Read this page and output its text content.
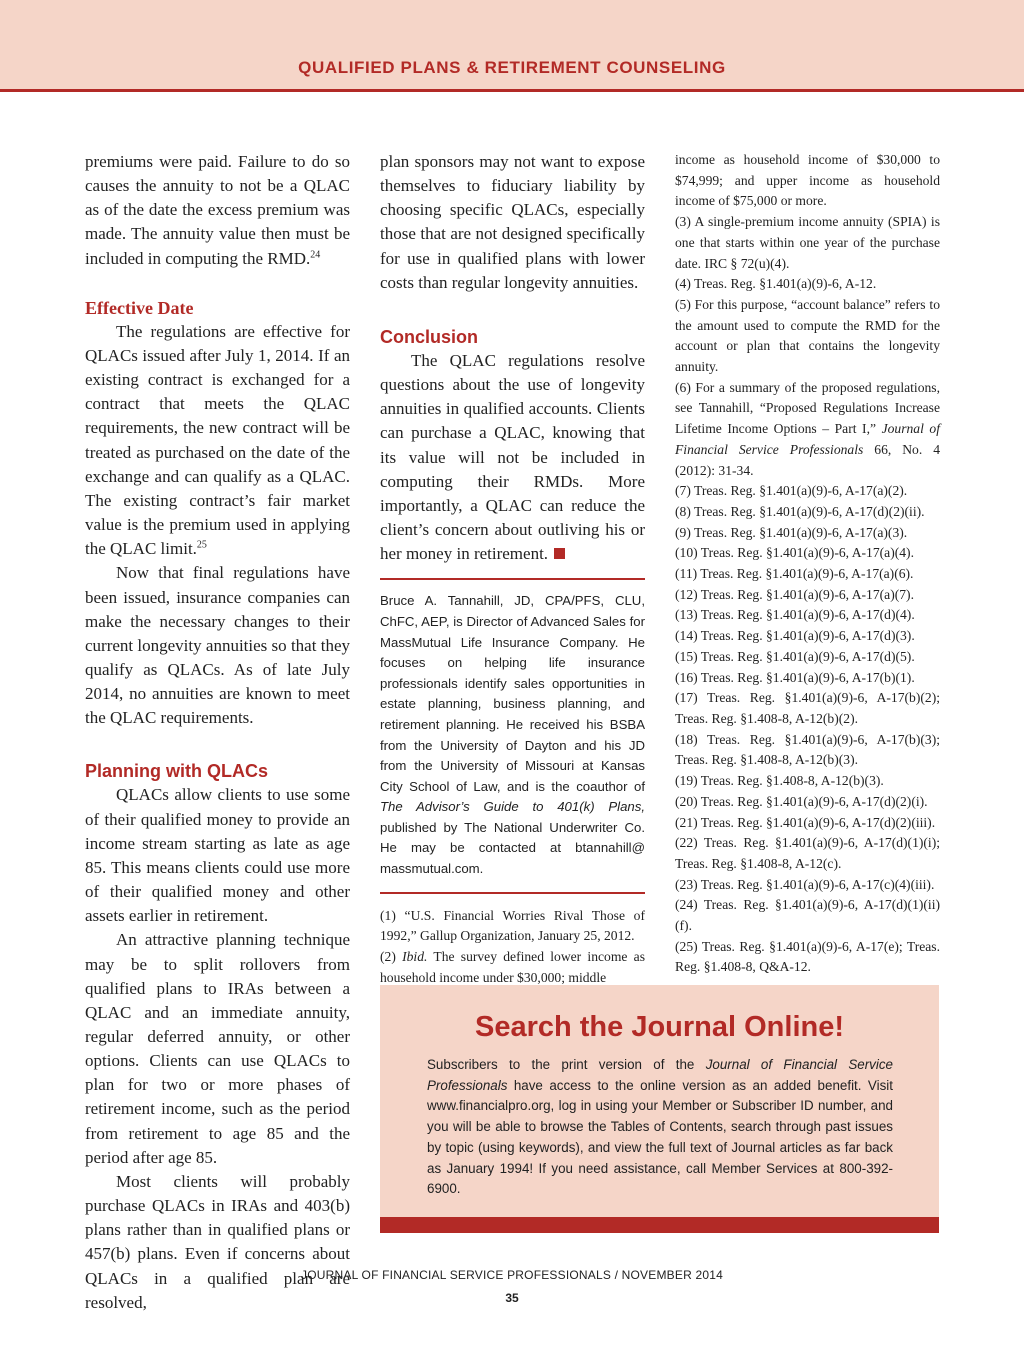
QUALIFIED PLANS & RETIREMENT COUNSELING

premiums were paid. Failure to do so causes the annuity to not be a QLAC as of the date the excess premium was made. The annuity value then must be included in computing the RMD.$^{24}$

Effective Date

The regulations are effective for QLACs issued after July 1, 2014. If an existing contract is exchanged for a contract that meets the QLAC requirements, the new contract will be treated as purchased on the date of the exchange and can qualify as a QLAC. The existing contract’s fair market value is the premium used in applying the QLAC limit.$^{25}$

Now that final regulations have been issued, insurance companies can make the necessary changes to their current longevity annuities so that they qualify as QLACs. As of late July 2014, no annuities are known to meet the QLAC requirements.

Planning with QLACs

QLACs allow clients to use some of their qualified money to provide an income stream starting as late as age 85. This means clients could use more of their qualified money and other assets earlier in retirement.

An attractive planning technique may be to split rollovers from qualified plans to IRAs between a QLAC and an immediate annuity, regular deferred annuity, or other options. Clients can use QLACs to plan for two or more phases of retirement income, such as the period from retirement to age 85 and the period after age 85.

Most clients will probably purchase QLACs in IRAs and 403(b) plans rather than in qualified plans or 457(b) plans. Even if concerns about QLACs in a qualified plan are resolved,

plan sponsors may not want to expose themselves to fiduciary liability by choosing specific QLACs, especially those that are not designed specifically for use in qualified plans with lower costs than regular longevity annuities.

Conclusion

The QLAC regulations resolve questions about the use of longevity annuities in qualified accounts. Clients can purchase a QLAC, knowing that its value will not be included in computing their RMDs. More importantly, a QLAC can reduce the client’s concern about outliving his or her money in retirement.

Bruce A. Tannahill, JD, CPA/PFS, CLU, ChFC, AEP, is Director of Advanced Sales for MassMutual Life Insurance Company. He focuses on helping life insurance professionals identify sales opportunities in estate planning, business planning, and retirement planning. He received his BSBA from the University of Dayton and his JD from the University of Missouri at Kansas City School of Law, and is the coauthor of The Advisor’s Guide to 401(k) Plans, published by The National Underwriter Co. He may be contacted at btannahill@ massmutual.com.

(1) “U.S. Financial Worries Rival Those of 1992,” Gallup Organization, January 25, 2012.

(2) Ibid. The survey defined lower income as household income under $30,000; middle

income as household income of $30,000 to $74,999; and upper income as household income of $75,000 or more.

(3) A single-premium income annuity (SPIA) is one that starts within one year of the purchase date. IRC § 72(u)(4).

(4) Treas. Reg. §1.401(a)(9)-6, A-12.

(5) For this purpose, “account balance” refers to the amount used to compute the RMD for the account or plan that contains the longevity annuity.

(6) For a summary of the proposed regulations, see Tannahill, “Proposed Regulations Increase Lifetime Income Options – Part I,” Journal of Financial Service Professionals 66, No. 4 (2012): 31-34.

(7) Treas. Reg. §1.401(a)(9)-6, A-17(a)(2).

(8) Treas. Reg. §1.401(a)(9)-6, A-17(d)(2)(ii).

(9) Treas. Reg. §1.401(a)(9)-6, A-17(a)(3).

(10) Treas. Reg. §1.401(a)(9)-6, A-17(a)(4).

(11) Treas. Reg. §1.401(a)(9)-6, A-17(a)(6).

(12) Treas. Reg. §1.401(a)(9)-6, A-17(a)(7).

(13) Treas. Reg. §1.401(a)(9)-6, A-17(d)(4).

(14) Treas. Reg. §1.401(a)(9)-6, A-17(d)(3).

(15) Treas. Reg. §1.401(a)(9)-6, A-17(d)(5).

(16) Treas. Reg. §1.401(a)(9)-6, A-17(b)(1).

(17) Treas. Reg. §1.401(a)(9)-6, A-17(b)(2); Treas. Reg. §1.408-8, A-12(b)(2).

(18) Treas. Reg. §1.401(a)(9)-6, A-17(b)(3); Treas. Reg. §1.408-8, A-12(b)(3).

(19) Treas. Reg. §1.408-8, A-12(b)(3).

(20) Treas. Reg. §1.401(a)(9)-6, A-17(d)(2)(i).

(21) Treas. Reg. §1.401(a)(9)-6, A-17(d)(2)(iii).

(22) Treas. Reg. §1.401(a)(9)-6, A-17(d)(1)(i); Treas. Reg. §1.408-8, A-12(c).

(23) Treas. Reg. §1.401(a)(9)-6, A-17(c)(4)(iii).

(24) Treas. Reg. §1.401(a)(9)-6, A-17(d)(1)(ii)(f).

(25) Treas. Reg. §1.401(a)(9)-6, A-17(e); Treas. Reg. §1.408-8, Q&A-12.

Search the Journal Online!

Subscribers to the print version of the Journal of Financial Service Professionals have access to the online version as an added benefit. Visit www.financialpro.org, log in using your Member or Subscriber ID number, and you will be able to browse the Tables of Contents, search through past issues by topic (using keywords), and view the full text of Journal articles as far back as January 1994! If you need assistance, call Member Services at 800-392-6900.

JOURNAL OF FINANCIAL SERVICE PROFESSIONALS / NOVEMBER 2014
35
